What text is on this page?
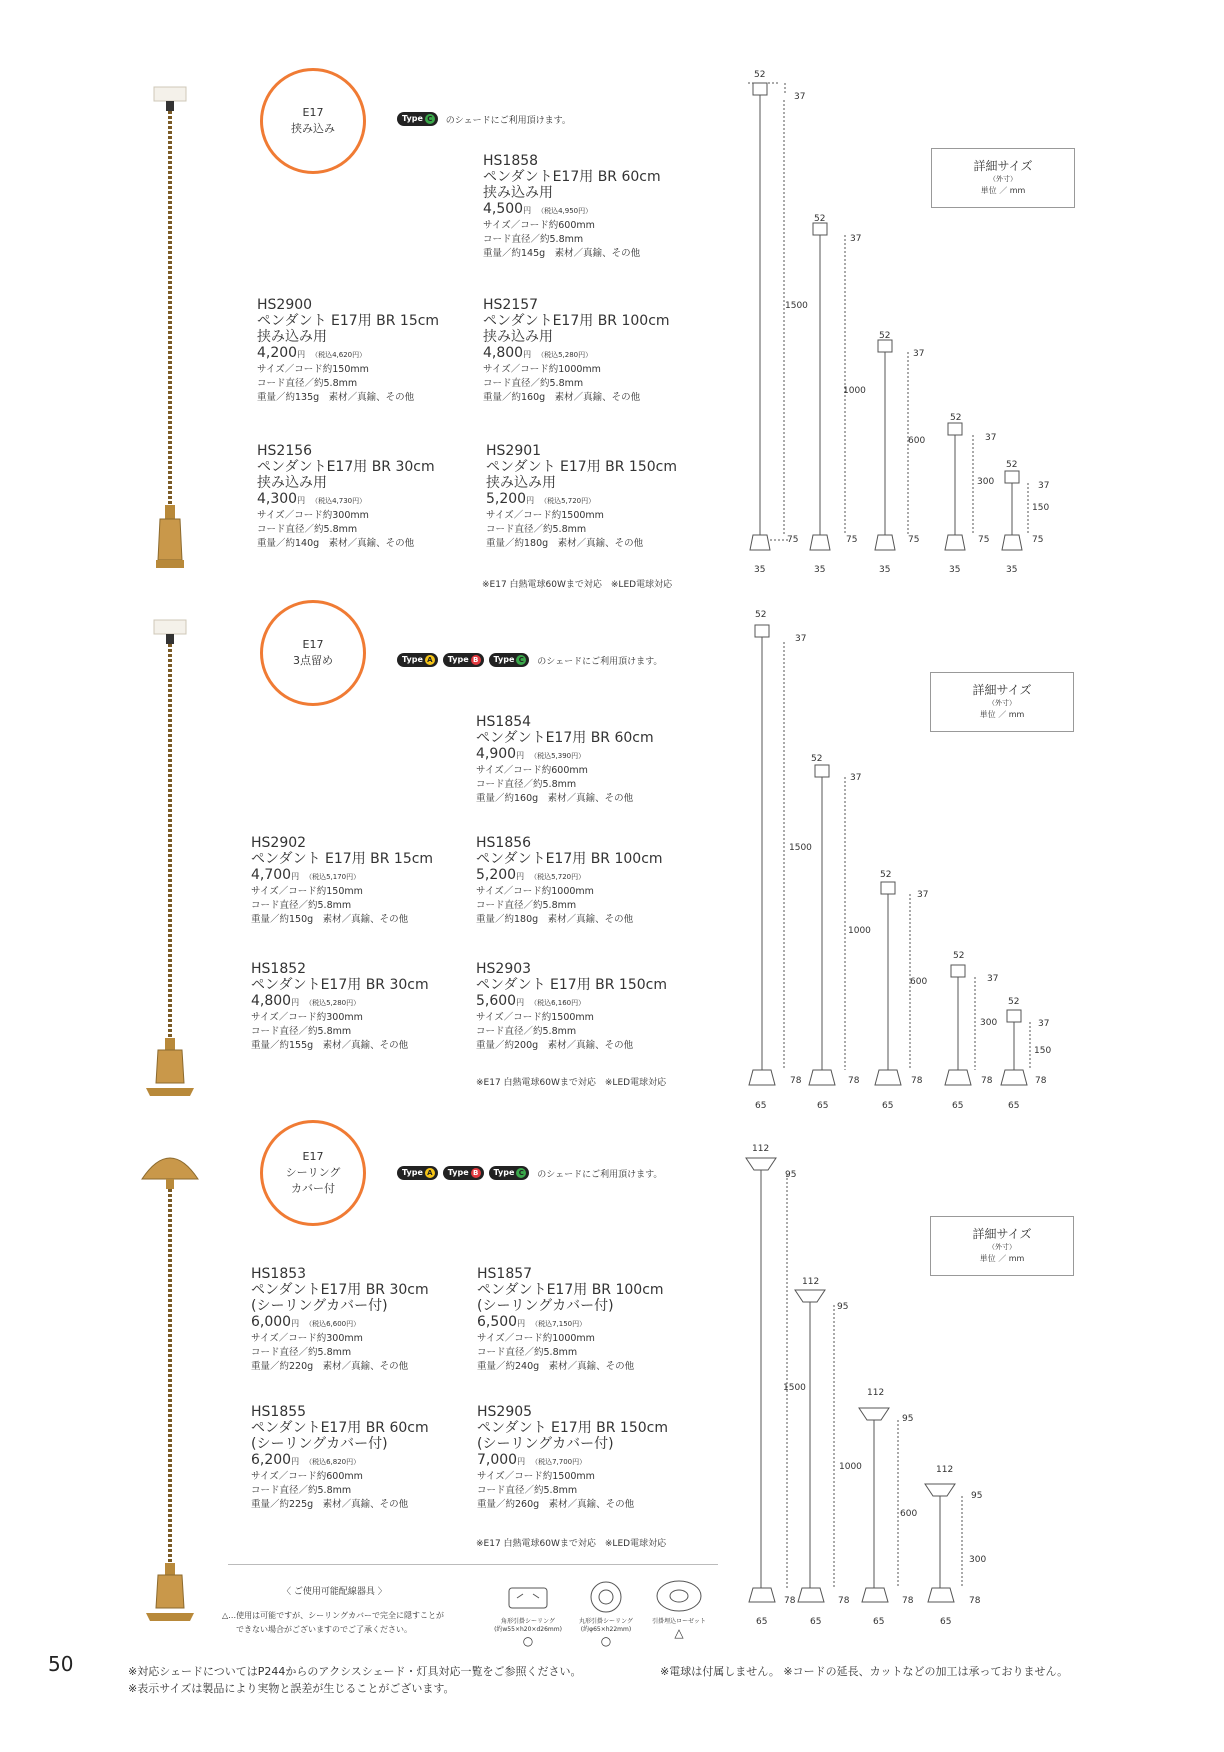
50	※対応シェードについてはP244からのアクシスシェード・灯具対応一覧をご参照ください。	※電球は付属しません。 ※コードの延長、カットなどの加工は承っておりません。
※表示サイズは製品により実物と誤差が生じることがございます。
E17
挟み込み
Type C のシェードにご利用頂けます。
HS1858
ペンダントE17用 BR 60cm
挟み込み用
4,500円 （税込4,950円）
サイズ／コード約600mm
コード直径／約5.8mm
重量／約145g　素材／真鍮、その他
HS2900
ペンダント E17用 BR 15cm
挟み込み用
4,200円 （税込4,620円）
サイズ／コード約150mm
コード直径／約5.8mm
重量／約135g　素材／真鍮、その他
HS2157
ペンダントE17用 BR 100cm
挟み込み用
4,800円 （税込5,280円）
サイズ／コード約1000mm
コード直径／約5.8mm
重量／約160g　素材／真鍮、その他
HS2156
ペンダントE17用 BR 30cm
挟み込み用
4,300円 （税込4,730円）
サイズ／コード約300mm
コード直径／約5.8mm
重量／約140g　素材／真鍮、その他
HS2901
ペンダント E17用 BR 150cm
挟み込み用
5,200円 （税込5,720円）
サイズ／コード約1500mm
コード直径／約5.8mm
重量／約180g　素材／真鍮、その他
※E17 白熱電球60Wまで対応　※LED電球対応
詳細サイズ
（外寸）
単位 ／ mm
52
37
1500
75
35
52
37
1000
75
35
52
37
600
75
35
52
37
300
75
35
52
37
150
75
35
E17
3点留め	Type A Type B Type C のシェードにご利用頂けます。
HS1854
ペンダントE17用 BR 60cm
4,900円 （税込5,390円）
サイズ／コード約600mm
コード直径／約5.8mm
重量／約160g　素材／真鍮、その他
HS2902
ペンダント E17用 BR 15cm
4,700円 （税込5,170円）
サイズ／コード約150mm
コード直径／約5.8mm
重量／約150g　素材／真鍮、その他
HS1856
ペンダントE17用 BR 100cm
5,200円 （税込5,720円）
サイズ／コード約1000mm
コード直径／約5.8mm
重量／約180g　素材／真鍮、その他
HS1852
ペンダントE17用 BR 30cm
4,800円 （税込5,280円）
サイズ／コード約300mm
コード直径／約5.8mm
重量／約155g　素材／真鍮、その他
HS2903
ペンダント E17用 BR 150cm
5,600円 （税込6,160円）
サイズ／コード約1500mm
コード直径／約5.8mm
重量／約200g　素材／真鍮、その他
※E17 白熱電球60Wまで対応　※LED電球対応
詳細サイズ
（外寸）
単位 ／ mm
52
37
1500
78
65
52
37
1000
78
65
52
37
600
78
65
52
37
300
78
65
52
37
150
78
65
E17
シーリング
カバー付
Type A Type B Type C のシェードにご利用頂けます。
HS1853
ペンダントE17用 BR 30cm
(シーリングカバー付)
6,000円 （税込6,600円）
サイズ／コード約300mm
コード直径／約5.8mm
重量／約220g　素材／真鍮、その他
HS1857
ペンダントE17用 BR 100cm
(シーリングカバー付)
6,500円 （税込7,150円）
サイズ／コード約1000mm
コード直径／約5.8mm
重量／約240g　素材／真鍮、その他
HS1855
ペンダントE17用 BR 60cm
(シーリングカバー付)
6,200円 （税込6,820円）
サイズ／コード約600mm
コード直径／約5.8mm
重量／約225g　素材／真鍮、その他
HS2905
ペンダント E17用 BR 150cm
(シーリングカバー付)
7,000円 （税込7,700円）
サイズ／コード約1500mm
コード直径／約5.8mm
重量／約260g　素材／真鍮、その他
※E17 白熱電球60Wまで対応　※LED電球対応
詳細サイズ
（外寸）
単位 ／ mm
112
95
1500
78
65
112
95
1000
78
65
112
95
600
78
65
112
95
300
78
65
〈 ご使用可能配線器具 〉
△…使用は可能ですが、シーリングカバーで完全に隠すことが
できない場合がございますのでご了承ください。
角形引掛シーリング
(約w55×h20×d26mm)
○
丸形引掛シーリング
(約φ65×h22mm)
○
引掛埋込ローゼット
△
